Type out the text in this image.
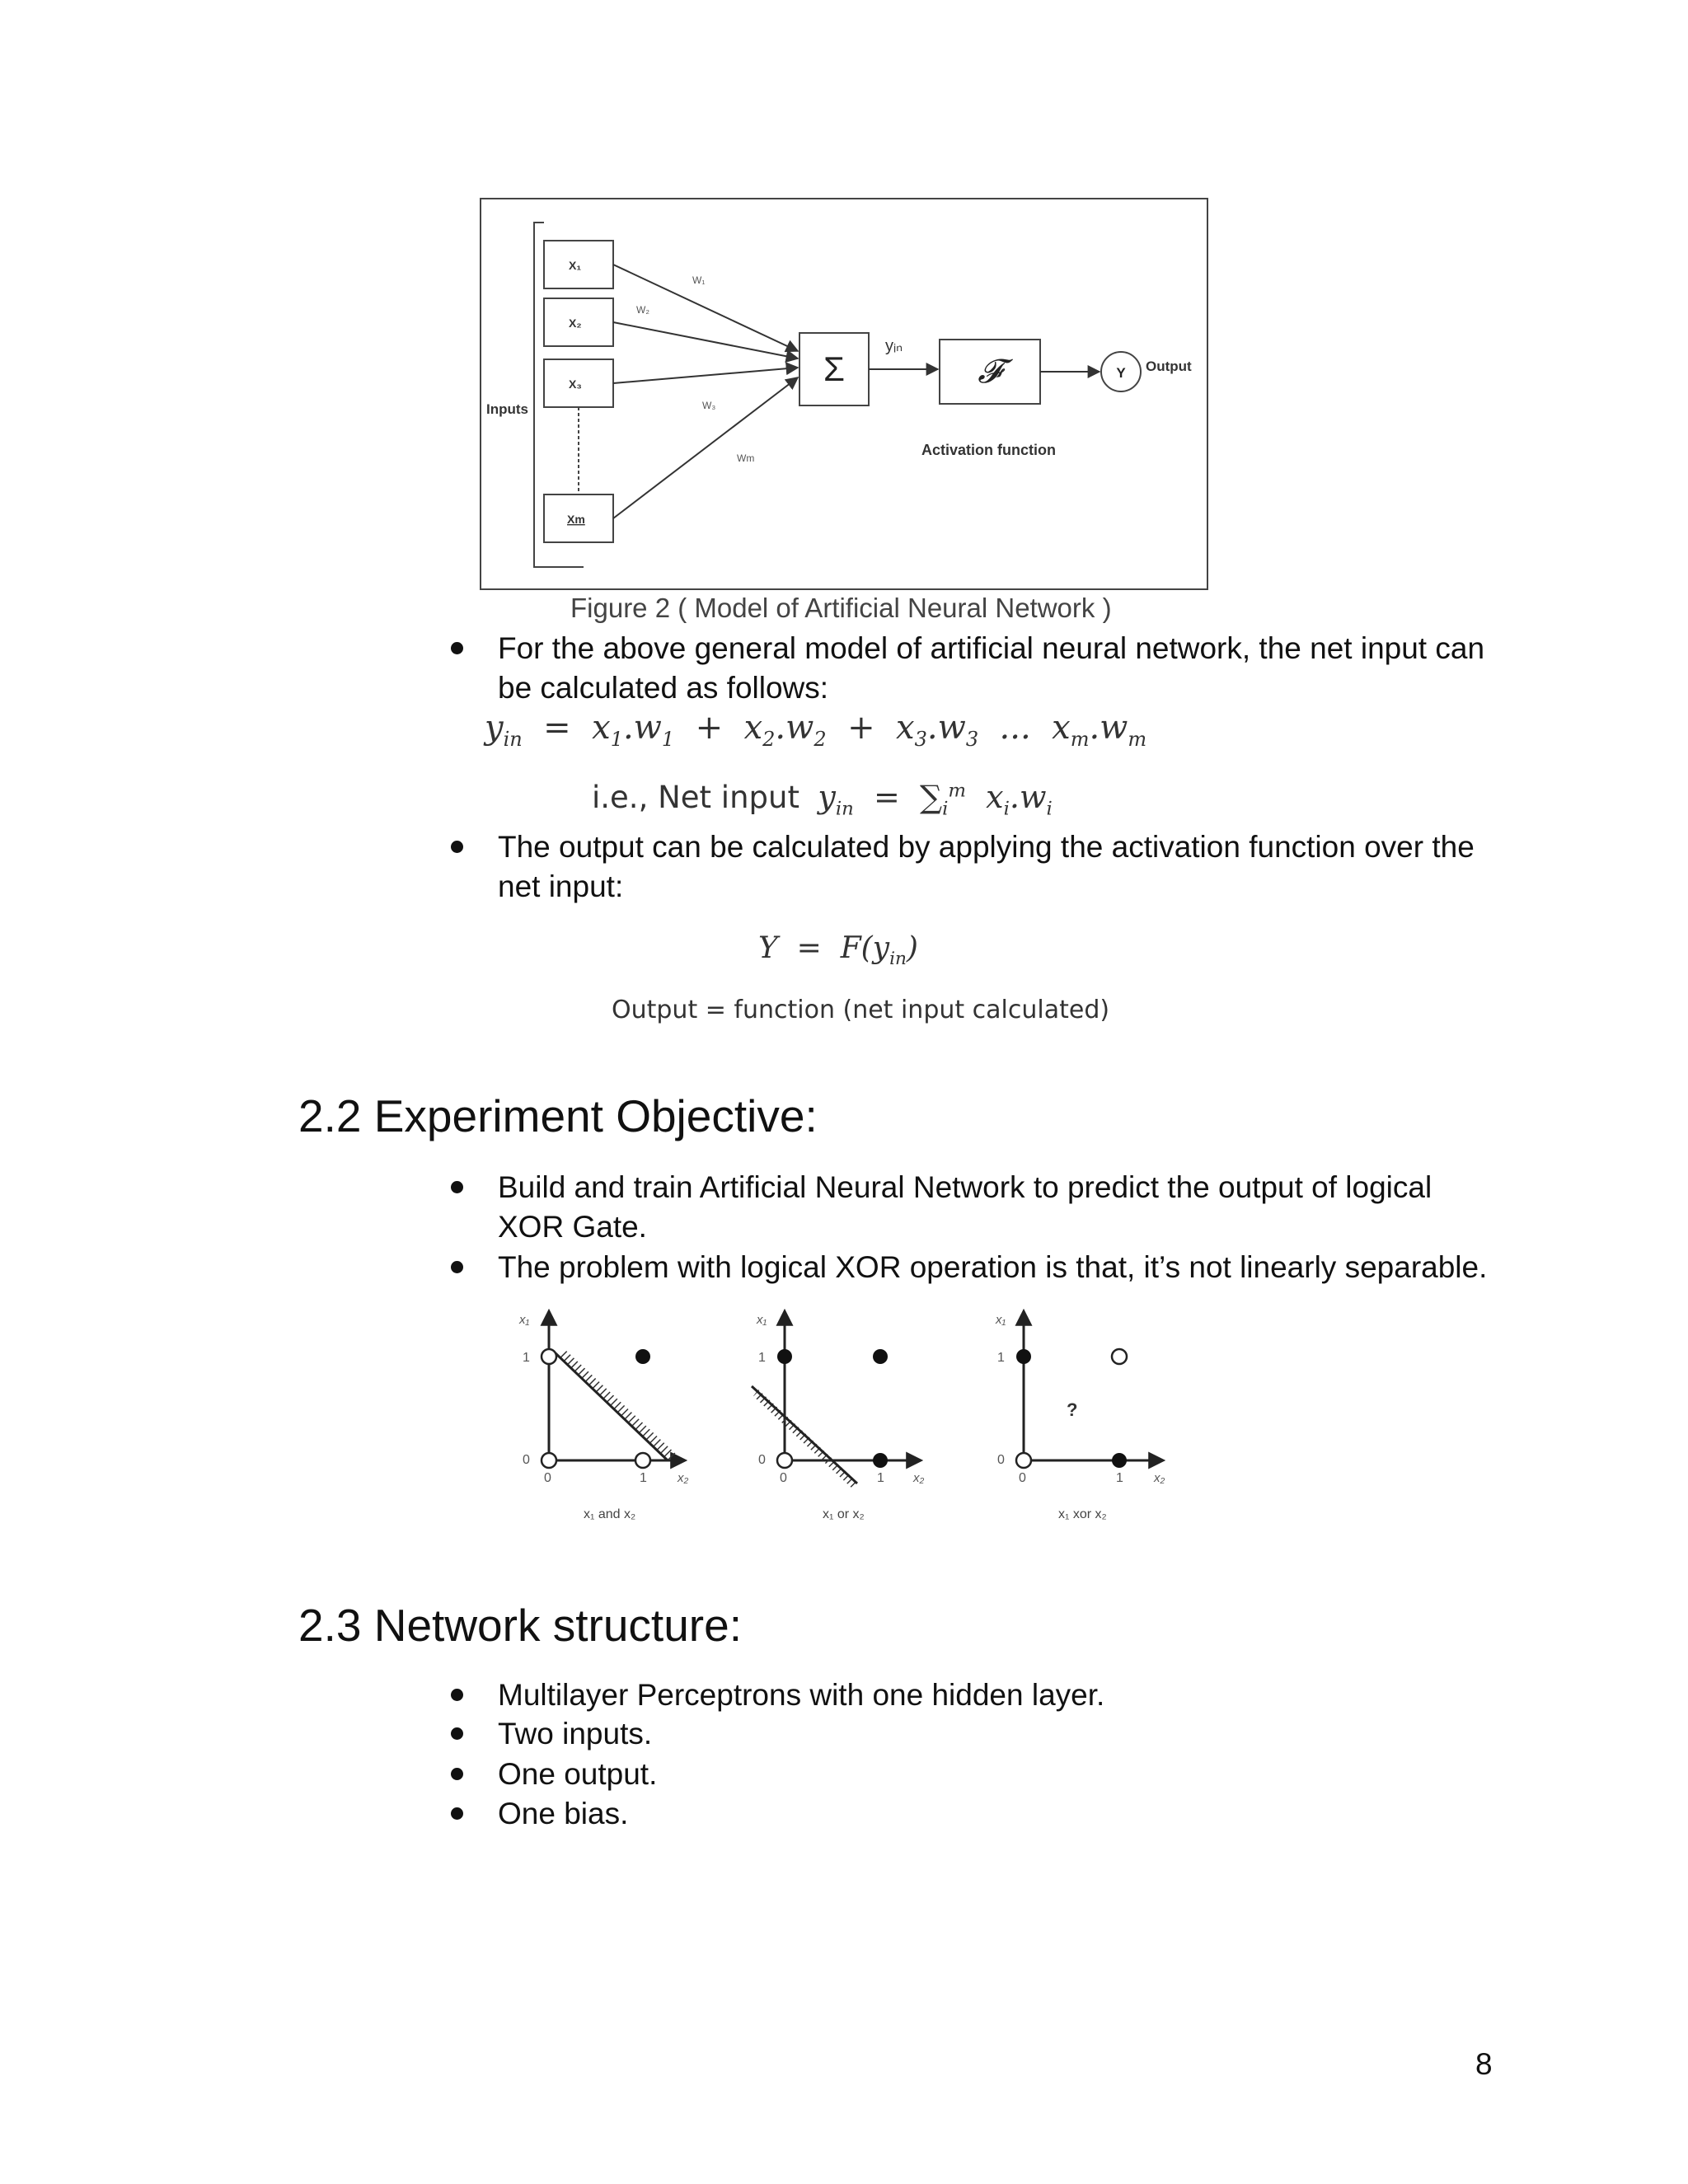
Inputs
X₁
X₂
X₃
Xm
W₁
W₂
W₃
Wm
Σ
yᵢₙ
𝓕	Y Output
Activation function
Figure 2 ( Model of Artificial Neural Network )
For the above general model of artificial neural network, the net input can be calculated as follows:
$y_{in} = x_1.w_1 + x_2.w_2 + x_3.w_3$  ...  $x_m.w_m$
i.e., Net input  $y_{in} = \sum_i^m$  $x_i.w_i$
The output can be calculated by applying the activation function over the net input:
$Y = F(y_{in})$
Output = function (net input calculated)
2.2 Experiment Objective:
Build and train Artificial Neural Network to predict the output of logical XOR Gate.
The problem with logical XOR operation is that, it’s not linearly separable.
x₁
x₂
1
0
0	1
x₁ and x₂
x₁
x₂
1
0
0	1
x₁ or x₂
x₁
x₂
1
0
0	1
?
x₁ xor x₂
2.3 Network structure:
Multilayer Perceptrons with one hidden layer.
Two inputs.
One output.
One bias.
8
